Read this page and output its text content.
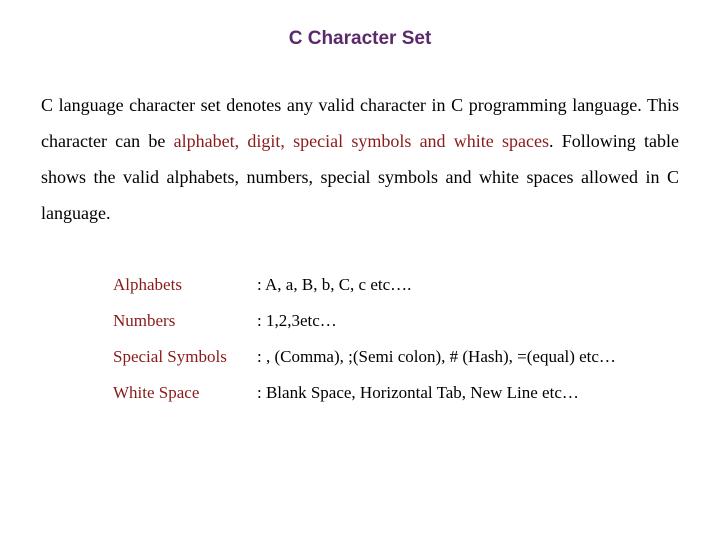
C Character Set
C language character set denotes any valid character in C programming language. This character can be alphabet, digit, special symbols and white spaces. Following table shows the valid alphabets, numbers, special symbols and white spaces allowed in C language.
Alphabets	: A, a, B, b, C, c etc….
Numbers	: 1,2,3etc…
Special Symbols	: , (Comma), ;(Semi colon), # (Hash), =(equal) etc…
White Space	: Blank Space, Horizontal Tab, New Line etc…
